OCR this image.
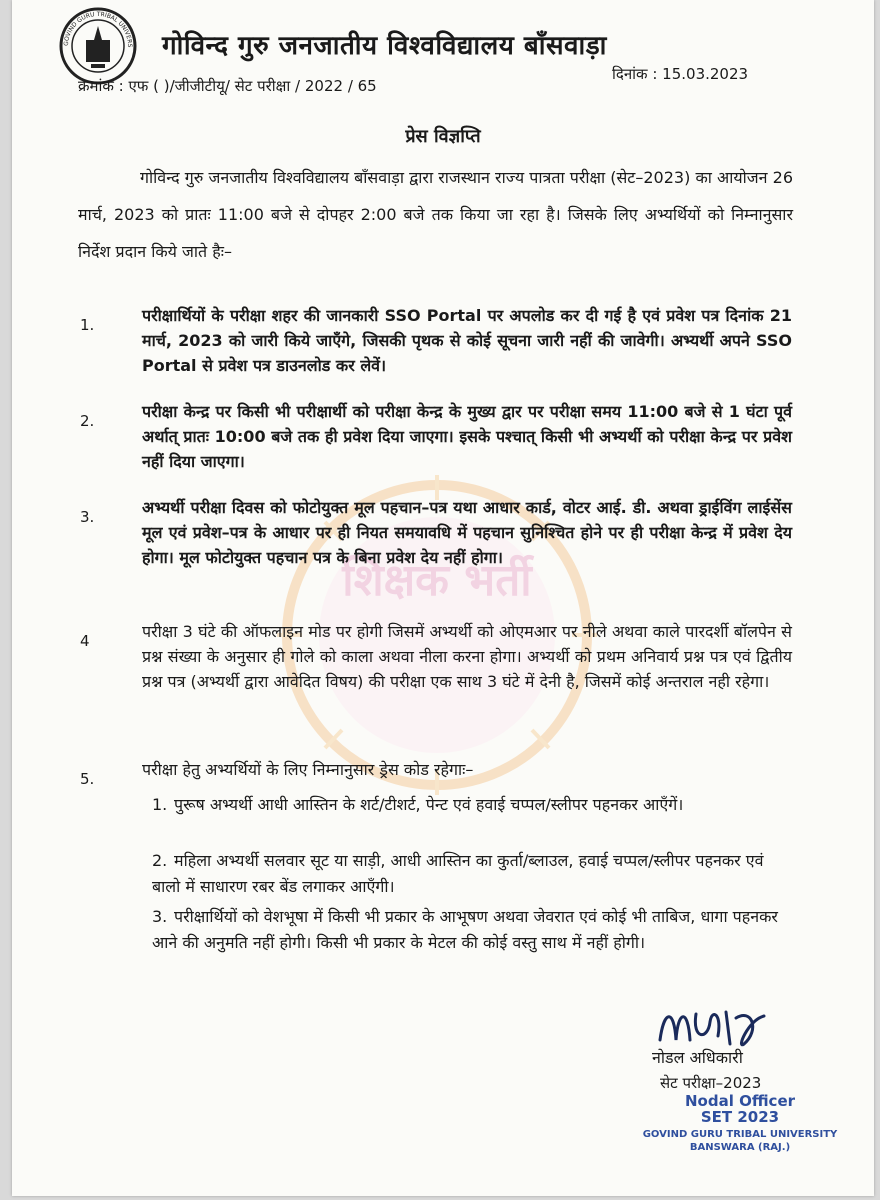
GOVIND GURU TRIBAL UNIVERS गोविन्द गुरु जनजातीय विश्वविद्यालय बाँसवाड़ा
क्रमांक : एफ ( )/जीजीटीयू/ सेट परीक्षा / 2022 / 65
दिनांक : 15.03.2023
प्रेस विज्ञप्ति
गोविन्द गुरु जनजातीय विश्वविद्यालय बाँसवाड़ा द्वारा राजस्थान राज्य पात्रता परीक्षा (सेट–2023) का आयोजन 26 मार्च, 2023 को प्रातः 11:00 बजे से दोपहर 2:00 बजे तक किया जा रहा है। जिसके लिए अभ्यर्थियों को निम्नानुसार निर्देश प्रदान किये जाते हैः–
शिक्षक भर्ती
1.	परीक्षार्थियों के परीक्षा शहर की जानकारी SSO Portal पर अपलोड कर दी गई है एवं प्रवेश पत्र दिनांक 21 मार्च, 2023 को जारी किये जाएँगे, जिसकी पृथक से कोई सूचना जारी नहीं की जावेगी। अभ्यर्थी अपने SSO Portal से प्रवेश पत्र डाउनलोड कर लेवें।
2.	परीक्षा केन्द्र पर किसी भी परीक्षार्थी को परीक्षा केन्द्र के मुख्य द्वार पर परीक्षा समय 11:00 बजे से 1 घंटा पूर्व अर्थात् प्रातः 10:00 बजे तक ही प्रवेश दिया जाएगा। इसके पश्चात् किसी भी अभ्यर्थी को परीक्षा केन्द्र पर प्रवेश नहीं दिया जाएगा।
3.	अभ्यर्थी परीक्षा दिवस को फोटोयुक्त मूल पहचान–पत्र यथा आधार कार्ड, वोटर आई. डी. अथवा ड्राईविंग लाईसेंस मूल एवं प्रवेश–पत्र के आधार पर ही नियत समयावधि में पहचान सुनिश्चित होने पर ही परीक्षा केन्द्र में प्रवेश देय होगा। मूल फोटोयुक्त पहचान पत्र के बिना प्रवेश देय नहीं होगा।
4	परीक्षा 3 घंटे की ऑफलाइन मोड पर होगी जिसमें अभ्यर्थी को ओएमआर पर नीले अथवा काले पारदर्शी बॉलपेन से प्रश्न संख्या के अनुसार ही गोले को काला अथवा नीला करना होगा। अभ्यर्थी को प्रथम अनिवार्य प्रश्न पत्र एवं द्वितीय प्रश्न पत्र (अभ्यर्थी द्वारा आवेदित विषय) की परीक्षा एक साथ 3 घंटे में देनी है, जिसमें कोई अन्तराल नही रहेगा।
5.	परीक्षा हेतु अभ्यर्थियों के लिए निम्नानुसार ड्रेस कोड रहेगाः–
1. पुरूष अभ्यर्थी आधी आस्तिन के शर्ट/टीशर्ट, पेन्ट एवं हवाई चप्पल/स्लीपर पहनकर आएँगें।
2. महिला अभ्यर्थी सलवार सूट या साड़ी, आधी आस्तिन का कुर्ता/ब्लाउल, हवाई चप्पल/स्लीपर पहनकर एवं बालो में साधारण रबर बेंड लगाकर आएँगी।
3. परीक्षार्थियों को वेशभूषा में किसी भी प्रकार के आभूषण अथवा जेवरात एवं कोई भी ताबिज, धागा पहनकर आने की अनुमति नहीं होगी। किसी भी प्रकार के मेटल की कोई वस्तु साथ में नहीं होगी।
नोडल अधिकारी
सेट परीक्षा–2023
Nodal Officer
SET 2023
GOVIND GURU TRIBAL UNIVERSITY
BANSWARA (RAJ.)
